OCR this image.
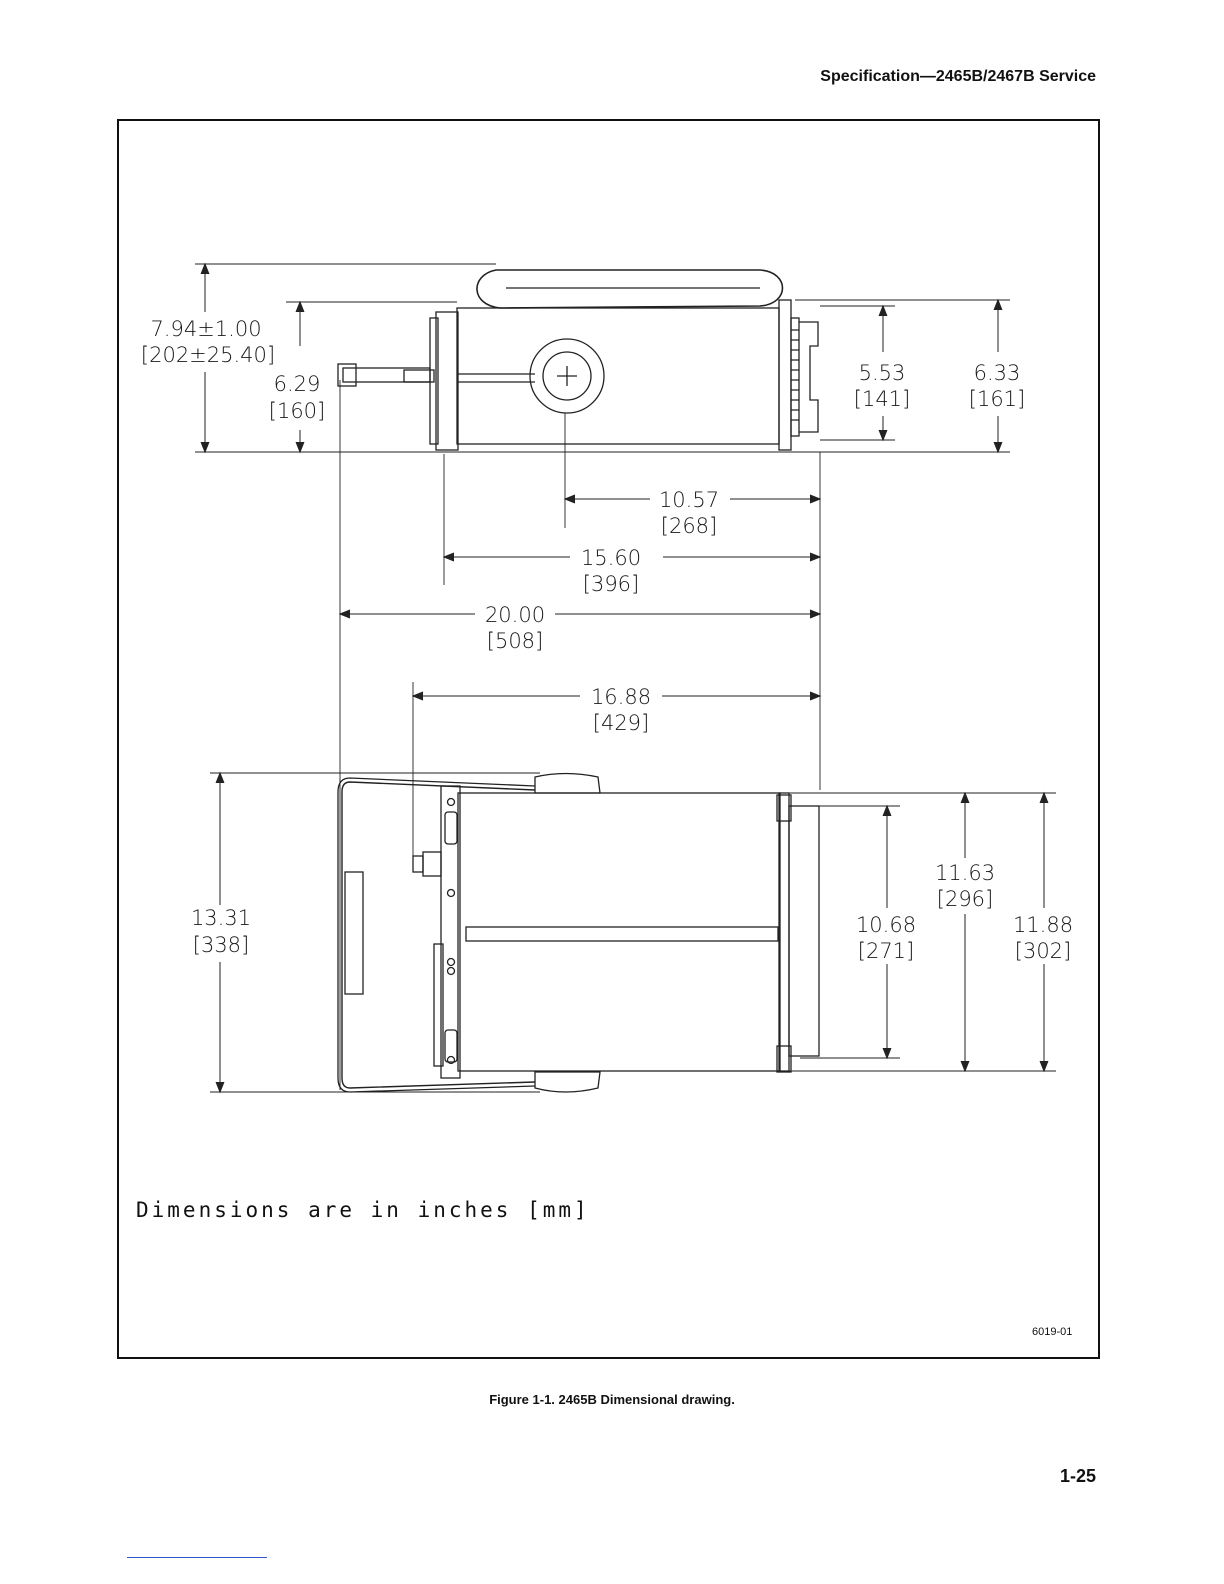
Specification—2465B/2467B Service
7.94±1.00
[202±25.40]
6.29
[160]
5.53
[141]
6.33
[161]
10.57
[268]
15.60
[396]
20.00
[508]
16.88
[429]
13.31
[338]
11.63
[296]
10.68
[271]
11.88
[302]
Dimensions are in inches [mm]
6019-01
Figure 1-1. 2465B Dimensional drawing.
1-25
